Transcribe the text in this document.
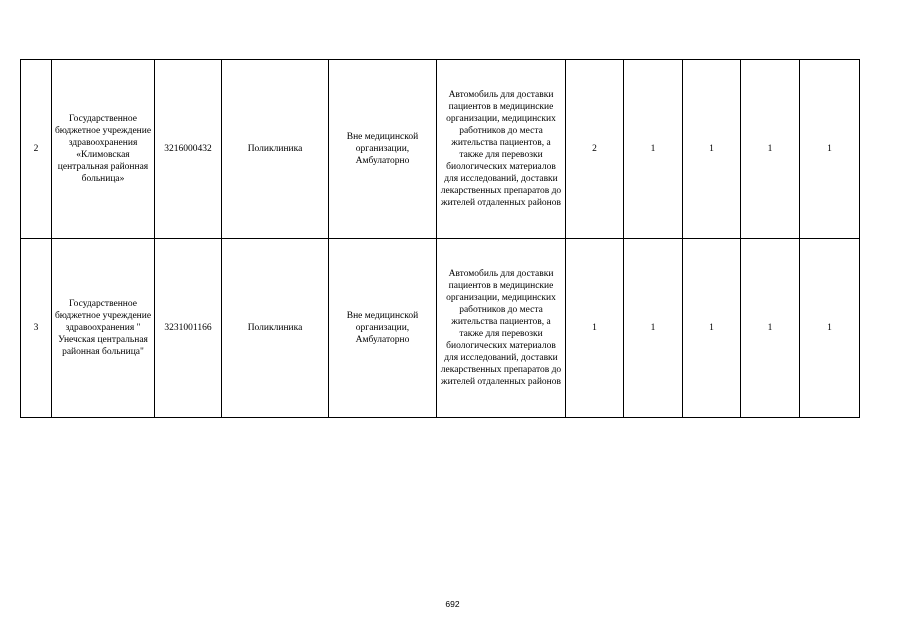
2	Государственное бюджетное учреждение здравоохранения «Климовская центральная районная больница»	3216000432	Поликлиника	Вне медицинской организации, Амбулаторно	Автомобиль для доставки пациентов в медицинские организации, медицинских работников до места жительства пациентов, а также для перевозки биологических материалов для исследований, доставки лекарственных препаратов до жителей отдаленных районов	2	1	1	1	1
3	Государственное бюджетное учреждение здравоохранения " Унечская центральная районная больница"	3231001166	Поликлиника	Вне медицинской организации, Амбулаторно	Автомобиль для доставки пациентов в медицинские организации, медицинских работников до места жительства пациентов, а также для перевозки биологических материалов для исследований, доставки лекарственных препаратов до жителей отдаленных районов	1	1	1	1	1
692
